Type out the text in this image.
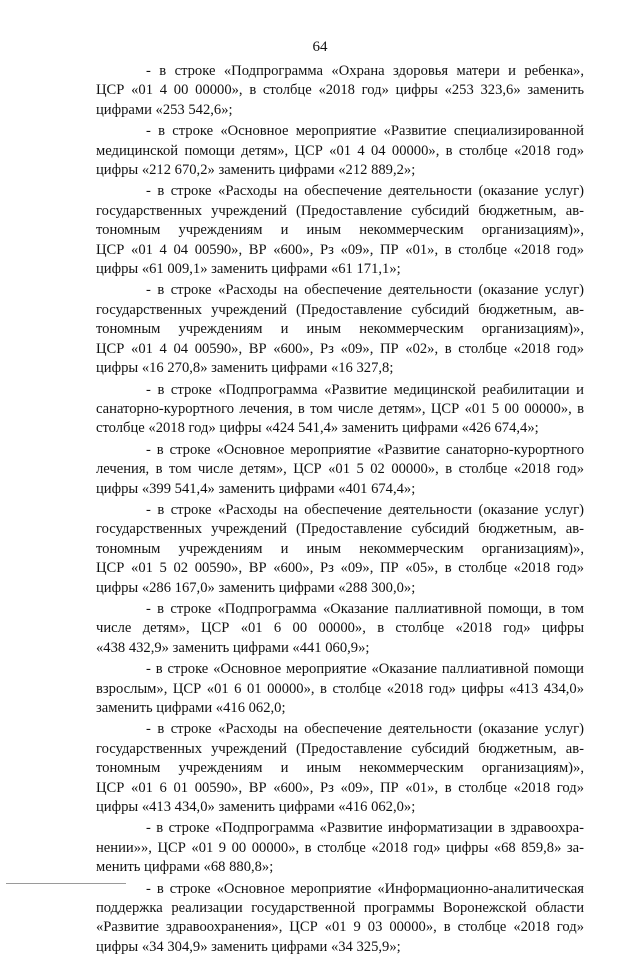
64
- в строке «Подпрограмма «Охрана здоровья матери и ребенка»,
ЦСР «01 4 00 00000», в столбце «2018 год» цифры «253 323,6» заменить
цифрами «253 542,6»;
- в строке «Основное мероприятие «Развитие специализированной
медицинской помощи детям», ЦСР «01 4 04 00000», в столбце «2018 год»
цифры «212 670,2» заменить цифрами «212 889,2»;
- в строке «Расходы на обеспечение деятельности (оказание услуг)
государственных учреждений (Предоставление субсидий бюджетным, ав-
тономным учреждениям и иным некоммерческим организациям)»,
ЦСР «01 4 04 00590», ВР «600», Рз «09», ПР «01», в столбце «2018 год»
цифры «61 009,1» заменить цифрами «61 171,1»;
- в строке «Расходы на обеспечение деятельности (оказание услуг)
государственных учреждений (Предоставление субсидий бюджетным, ав-
тономным учреждениям и иным некоммерческим организациям)»,
ЦСР «01 4 04 00590», ВР «600», Рз «09», ПР «02», в столбце «2018 год»
цифры «16 270,8» заменить цифрами «16 327,8;
- в строке «Подпрограмма «Развитие медицинской реабилитации и
санаторно-курортного лечения, в том числе детям», ЦСР «01 5 00 00000», в
столбце «2018 год» цифры «424 541,4» заменить цифрами «426 674,4»;
- в строке «Основное мероприятие «Развитие санаторно-курортного
лечения, в том числе детям», ЦСР «01 5 02 00000», в столбце «2018 год»
цифры «399 541,4» заменить цифрами «401 674,4»;
- в строке «Расходы на обеспечение деятельности (оказание услуг)
государственных учреждений (Предоставление субсидий бюджетным, ав-
тономным учреждениям и иным некоммерческим организациям)»,
ЦСР «01 5 02 00590», ВР «600», Рз «09», ПР «05», в столбце «2018 год»
цифры «286 167,0» заменить цифрами «288 300,0»;
- в строке «Подпрограмма «Оказание паллиативной помощи, в том
числе детям», ЦСР «01 6 00 00000», в столбце «2018 год» цифры
«438 432,9» заменить цифрами «441 060,9»;
- в строке «Основное мероприятие «Оказание паллиативной помощи
взрослым», ЦСР «01 6 01 00000», в столбце «2018 год» цифры «413 434,0»
заменить цифрами «416 062,0;
- в строке «Расходы на обеспечение деятельности (оказание услуг)
государственных учреждений (Предоставление субсидий бюджетным, ав-
тономным учреждениям и иным некоммерческим организациям)»,
ЦСР «01 6 01 00590», ВР «600», Рз «09», ПР «01», в столбце «2018 год»
цифры «413 434,0» заменить цифрами «416 062,0»;
- в строке «Подпрограмма «Развитие информатизации в здравоохра-
нении»», ЦСР «01 9 00 00000», в столбце «2018 год» цифры «68 859,8» за-
менить цифрами «68 880,8»;
- в строке «Основное мероприятие «Информационно-аналитическая
поддержка реализации государственной программы Воронежской области
«Развитие здравоохранения», ЦСР «01 9 03 00000», в столбце «2018 год»
цифры «34 304,9» заменить цифрами «34 325,9»;
